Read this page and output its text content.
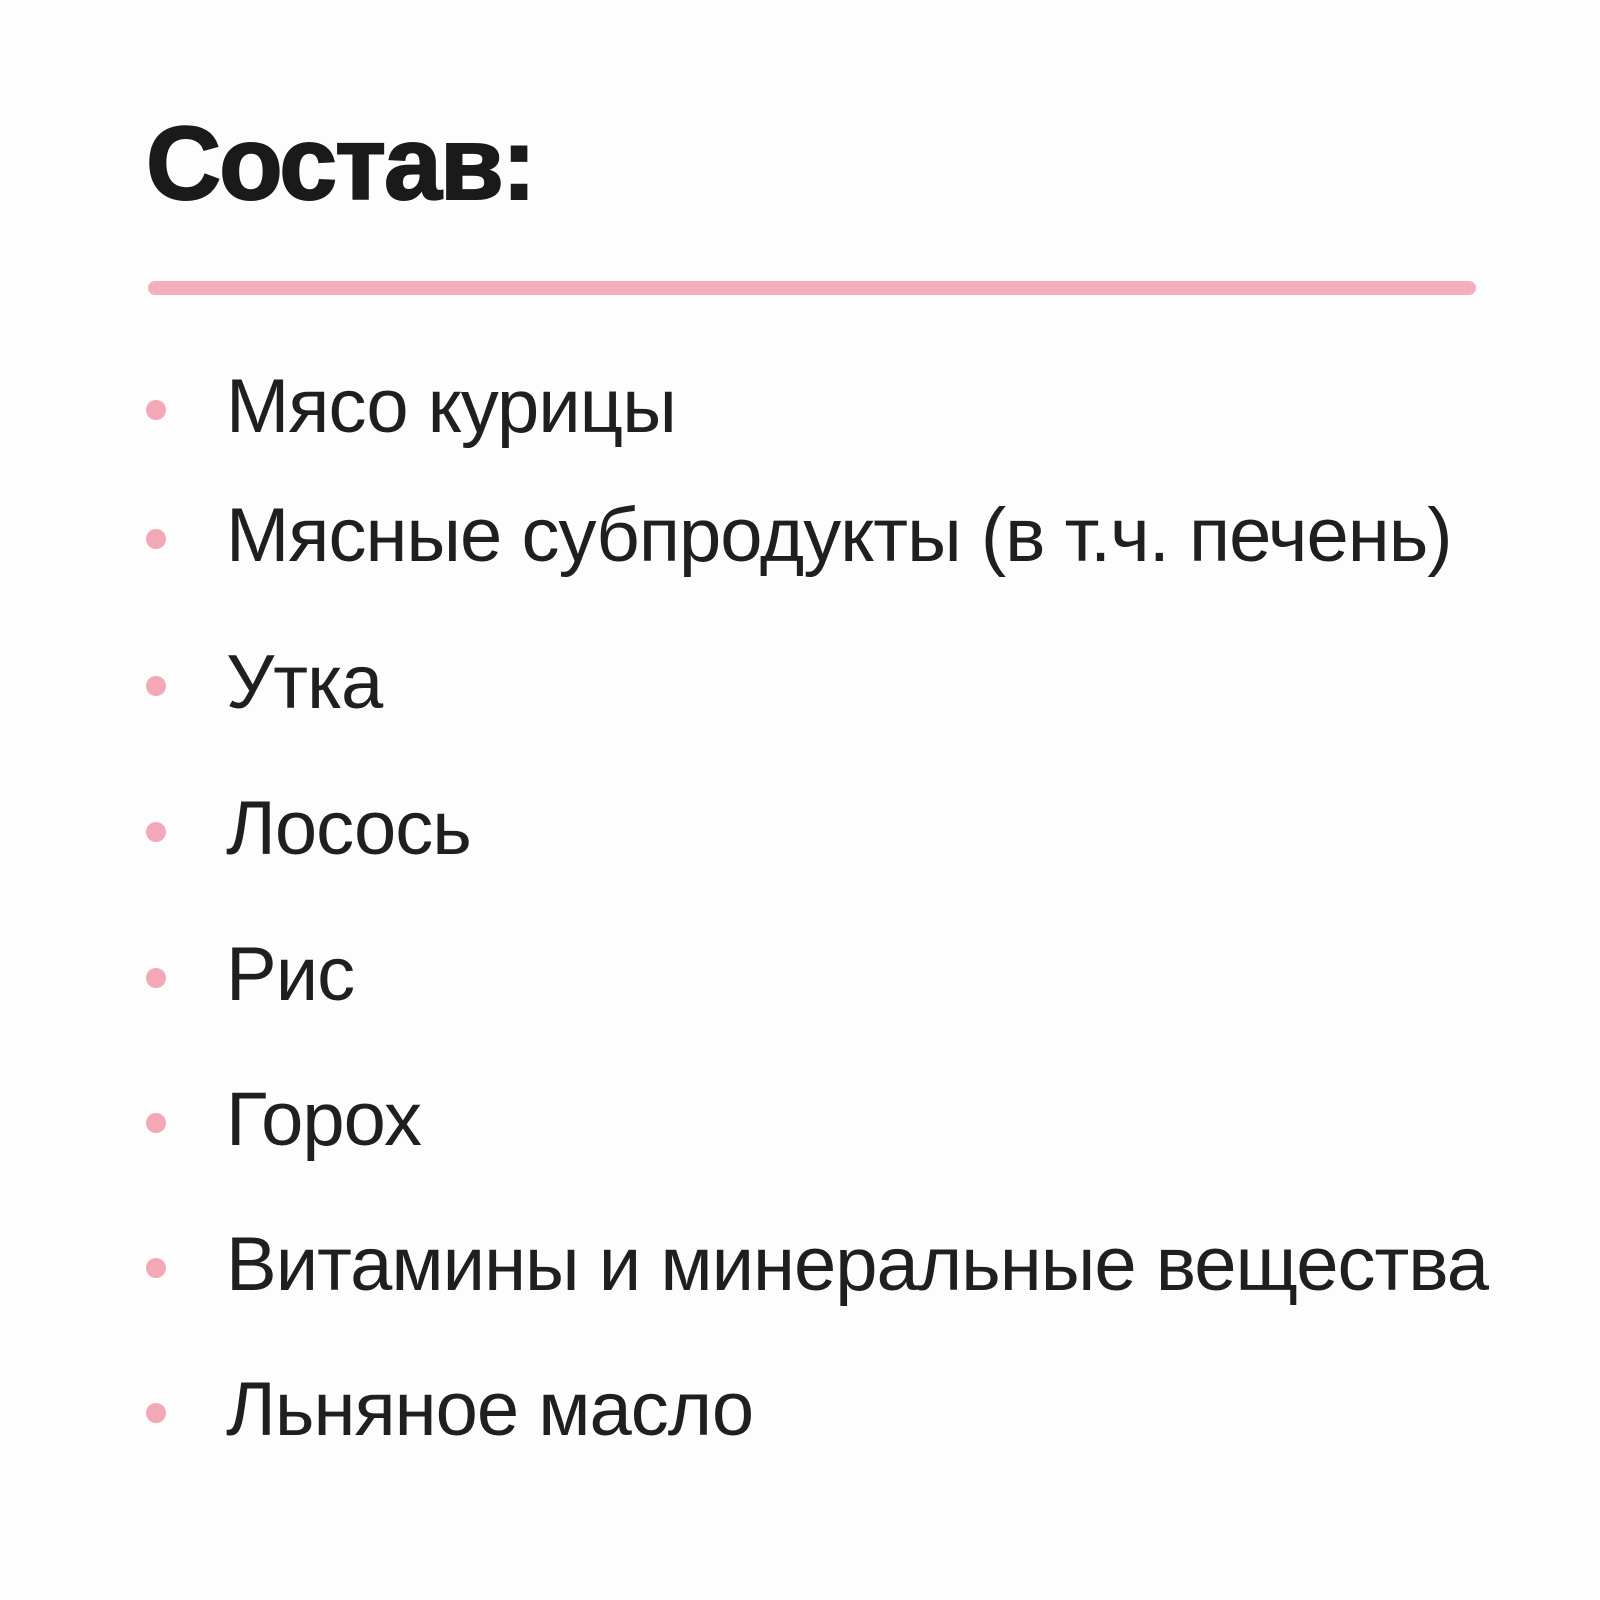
Состав:
Мясо курицы
Мясные субпродукты (в т.ч. печень)
Утка
Лосось
Рис
Горох
Витамины и минеральные вещества
Льняное масло
